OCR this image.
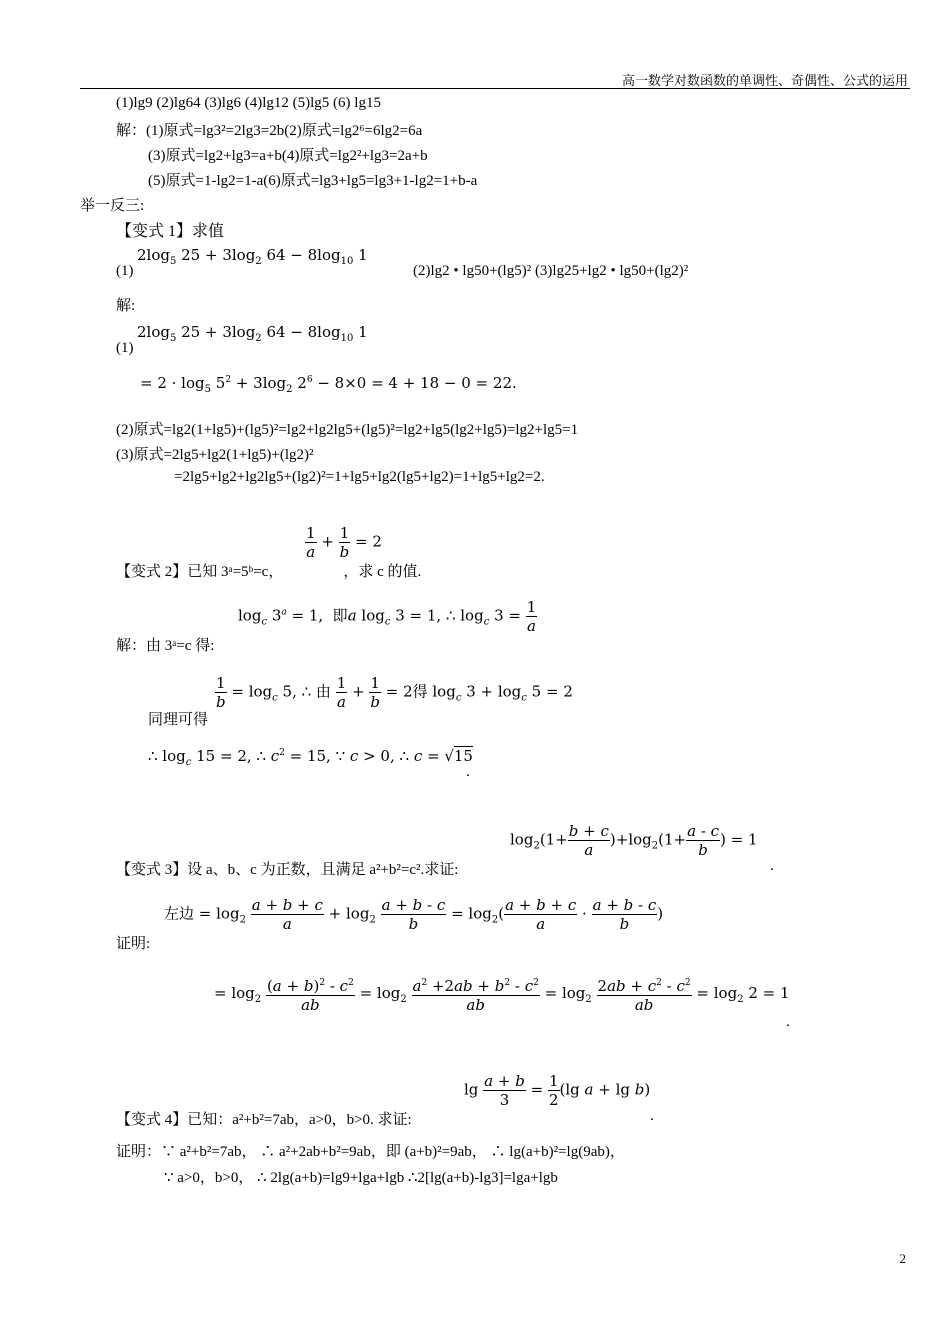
高一数学对数函数的单调性、奇偶性、公式的运用
(1)lg9 (2)lg64 (3)lg6 (4)lg12 (5)lg5 (6) lg15
解：(1)原式=lg3²=2lg3=2b(2)原式=lg2⁶=6lg2=6a
(3)原式=lg2+lg3=a+b(4)原式=lg2²+lg3=2a+b
(5)原式=1-lg2=1-a(6)原式=lg3+lg5=lg3+1-lg2=1+b-a
举一反三:
【变式 1】求值
(1)
$2\log_5$ $25 + 3\log_2$ $64 - 8\log_{10}$ 1
(2)lg2 • lg50+(lg5)² (3)lg25+lg2 • lg50+(lg2)²
解:
(1)
$2\log_5$ $25 + 3\log_2$ $64 - 8\log_{10}$ 1
= $2 \cdot \log_5 5^2 + 3\log_2$ $2^6 - 8\times 0 = 4 + 18 - 0 = 22$.
(2)原式=lg2(1+lg5)+(lg5)²=lg2+lg2lg5+(lg5)²=lg2+lg5(lg2+lg5)=lg2+lg5=1
(3)原式=2lg5+lg2(1+lg5)+(lg2)²
=2lg5+lg2+lg2lg5+(lg2)²=1+lg5+lg2(lg5+lg2)=1+lg5+lg2=2.
$\frac{1}{a} + \frac{1}{b} = 2$
【变式 2】已知 3ᵃ=5ᵇ=c，	，求 c 的值.
$\log_c 3^a = 1$,  即a $\log_c 3 = 1$, ∴ $\log_c 3 = \frac{1}{a}$
解：由 3ᵃ=c 得:
$\frac{1}{b} = \log_c 5$, ∴ 由 $\frac{1}{a} + \frac{1}{b} = 2$得 $\log_c 3 + \log_c 5 = 2$
同理可得
∴ $\log_c 15 = 2$, ∴ $c^2 = 15$, ∵ c > 0, ∴ c = √15
.
$\log_2(1+ \frac{b + c}{a} )+\log_2(1+ \frac{a - c}{b}$ ) = 1
【变式 3】设 a、b、c 为正数，且满足 a²+b²=c².求证:	.
左边 = $\log_2 \frac{a + b + c}{a} + \log_2 \frac{a + b - c}{b} = \log_2( \frac{a + b + c}{a} \cdot \frac{a + b - c}{b}$ )
证明:
= $\log_2 \frac{(a + b)^2 - c^2}{ab} = \log_2 \frac{a^2 +2ab + b^2 - c^2}{ab} = \log_2 \frac{2ab + c^2 - c^2}{ab} = \log_2 2 = 1$
.
$\lg \frac{a + b}{3} = \frac{1}{2} (\lg$ a + lg b)
【变式 4】已知：a²+b²=7ab，a>0，b>0. 求证:	.
证明：∵ a²+b²=7ab， ∴ a²+2ab+b²=9ab，即 (a+b)²=9ab， ∴ lg(a+b)²=lg(9ab)，
∵ a>0，b>0， ∴ 2lg(a+b)=lg9+lga+lgb ∴2[lg(a+b)-lg3]=lga+lgb
2
